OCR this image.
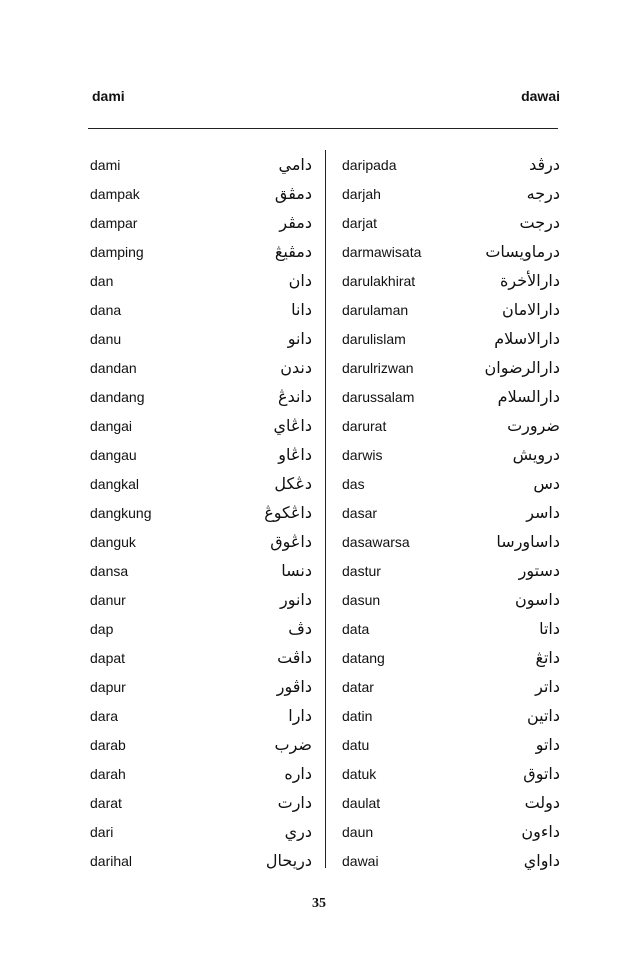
dami	dawai
dami	دامي
dampak	دمڤق
dampar	دمڤر
damping	دمڤيڠ
dan	دان
dana	دانا
danu	دانو
dandan	دندن
dandang	داندڠ
dangai	داڠاي
dangau	داڠاو
dangkal	دڠکل
dangkung	داڠکوڠ
danguk	داڠوق
dansa	دنسا
danur	دانور
dap	دڤ
dapat	داڤت
dapur	داڤور
dara	دارا
darab	ضرب
darah	داره
darat	دارت
dari	دري
darihal	دريحال
daripada	درڤد
darjah	درجه
darjat	درجت
darmawisata	درماويسات
darulakhirat	دارالأخرة
darulaman	دارالامان
darulislam	دارالاسلام
darulrizwan	دارالرضوان
darussalam	دارالسلام
darurat	ضرورت
darwis	درويش
das	دس
dasar	داسر
dasawarsa	داساورسا
dastur	دستور
dasun	داسون
data	داتا
datang	داتڠ
datar	داتر
datin	داتين
datu	داتو
datuk	داتوق
daulat	دولت
daun	داءون
dawai	داواي
35
